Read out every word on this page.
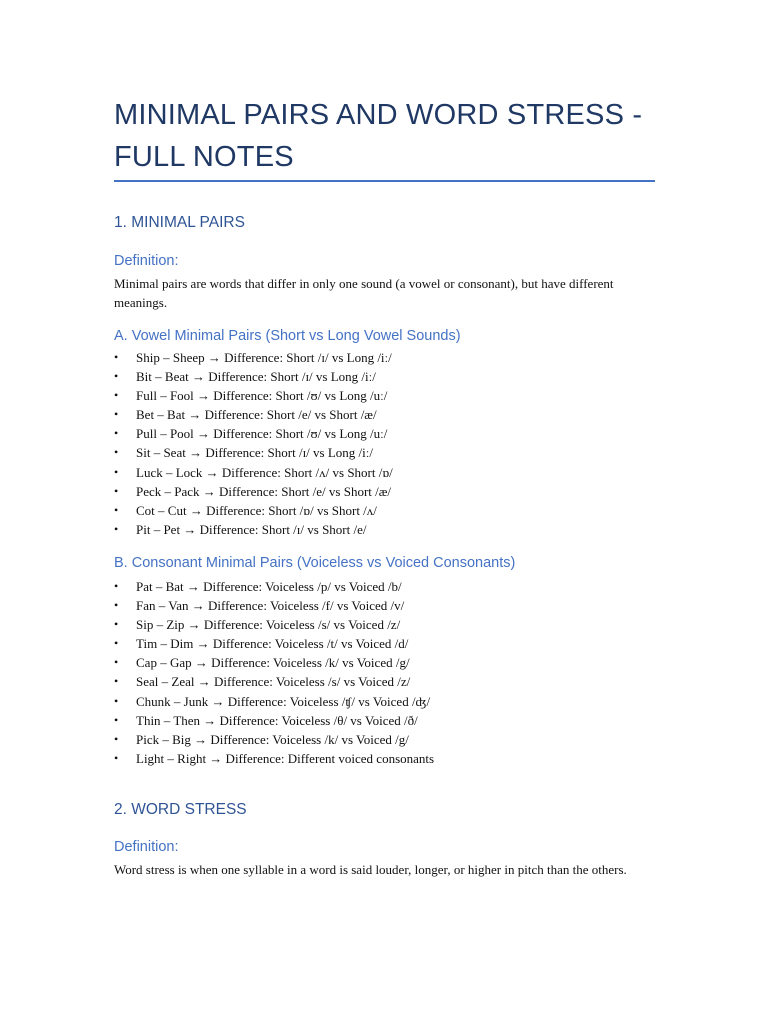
MINIMAL PAIRS AND WORD STRESS - FULL NOTES
1. MINIMAL PAIRS
Definition:

Minimal pairs are words that differ in only one sound (a vowel or consonant), but have different meanings.

A. Vowel Minimal Pairs (Short vs Long Vowel Sounds)
• Ship – Sheep → Difference: Short /ɪ/ vs Long /iː/
• Bit – Beat → Difference: Short /ɪ/ vs Long /iː/
• Full – Fool → Difference: Short /ʊ/ vs Long /uː/
• Bet – Bat → Difference: Short /e/ vs Short /æ/
• Pull – Pool → Difference: Short /ʊ/ vs Long /uː/
• Sit – Seat → Difference: Short /ɪ/ vs Long /iː/
• Luck – Lock → Difference: Short /ʌ/ vs Short /ɒ/
• Peck – Pack → Difference: Short /e/ vs Short /æ/
• Cot – Cut → Difference: Short /ɒ/ vs Short /ʌ/
• Pit – Pet → Difference: Short /ɪ/ vs Short /e/
B. Consonant Minimal Pairs (Voiceless vs Voiced Consonants)
• Pat – Bat → Difference: Voiceless /p/ vs Voiced /b/
• Fan – Van → Difference: Voiceless /f/ vs Voiced /v/
• Sip – Zip → Difference: Voiceless /s/ vs Voiced /z/
• Tim – Dim → Difference: Voiceless /t/ vs Voiced /d/
• Cap – Gap → Difference: Voiceless /k/ vs Voiced /g/
• Seal – Zeal → Difference: Voiceless /s/ vs Voiced /z/
• Chunk – Junk → Difference: Voiceless /ʧ/ vs Voiced /ʤ/
• Thin – Then → Difference: Voiceless /θ/ vs Voiced /ð/
• Pick – Big → Difference: Voiceless /k/ vs Voiced /g/
• Light – Right → Difference: Different voiced consonants
2. WORD STRESS
Definition:

Word stress is when one syllable in a word is said louder, longer, or higher in pitch than the others.
